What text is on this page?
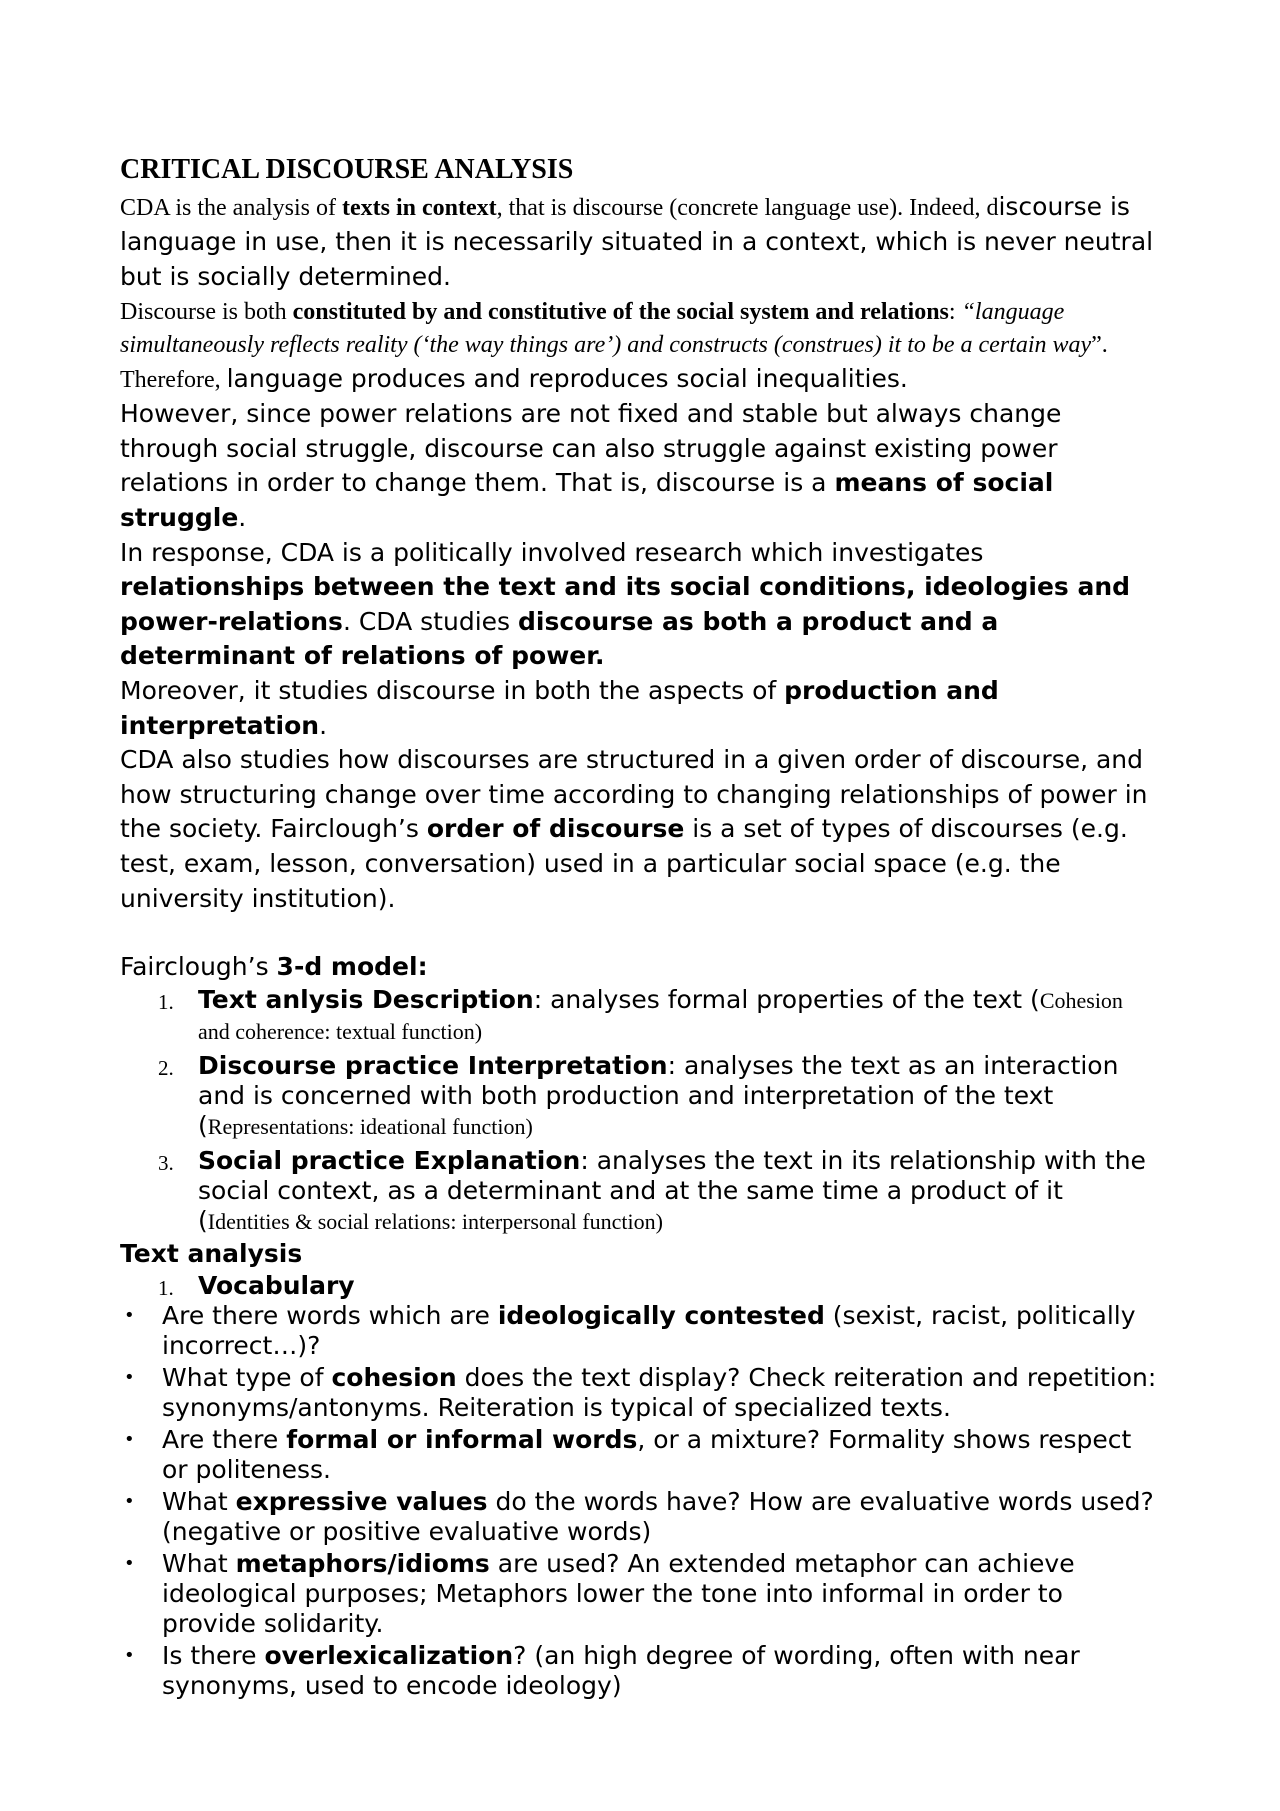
CRITICAL DISCOURSE ANALYSIS

CDA is the analysis of texts in context, that is discourse (concrete language use). Indeed, discourse is language in use, then it is necessarily situated in a context, which is never neutral but is socially determined.

Discourse is both constituted by and constitutive of the social system and relations: “language simultaneously reflects reality (‘the way things are’) and constructs (construes) it to be a certain way”. Therefore, language produces and reproduces social inequalities.

However, since power relations are not fixed and stable but always change through social struggle, discourse can also struggle against existing power relations in order to change them. That is, discourse is a means of social struggle.

In response, CDA is a politically involved research which investigates relationships between the text and its social conditions, ideologies and power-relations. CDA studies discourse as both a product and a determinant of relations of power.

Moreover, it studies discourse in both the aspects of production and interpretation.

CDA also studies how discourses are structured in a given order of discourse, and how structuring change over time according to changing relationships of power in the society. Fairclough’s order of discourse is a set of types of discourses (e.g. test, exam, lesson, conversation) used in a particular social space (e.g. the university institution).

Fairclough’s 3-d model:

1. Text anlysis Description: analyses formal properties of the text (Cohesion and coherence: textual function)
2. Discourse practice Interpretation: analyses the text as an interaction and is concerned with both production and interpretation of the text (Representations: ideational function)
3. Social practice Explanation: analyses the text in its relationship with the social context, as a determinant and at the same time a product of it (Identities & social relations: interpersonal function)
Text analysis
1. Vocabulary
• Are there words which are ideologically contested (sexist, racist, politically incorrect…)?
• What type of cohesion does the text display? Check reiteration and repetition: synonyms/antonyms. Reiteration is typical of specialized texts.
• Are there formal or informal words, or a mixture? Formality shows respect or politeness.
• What expressive values do the words have? How are evaluative words used? (negative or positive evaluative words)
• What metaphors/idioms are used? An extended metaphor can achieve ideological purposes; Metaphors lower the tone into informal in order to provide solidarity.
• Is there overlexicalization? (an high degree of wording, often with near synonyms, used to encode ideology)
